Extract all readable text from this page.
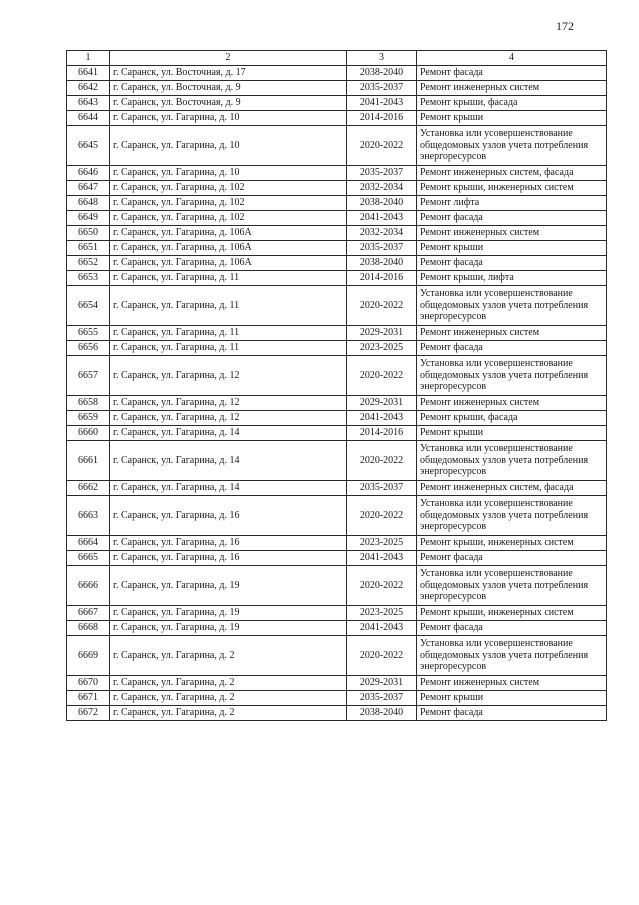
172
1	2	3	4
6641	г. Саранск, ул. Восточная, д. 17	2038-2040	Ремонт фасада
6642	г. Саранск, ул. Восточная, д. 9	2035-2037	Ремонт инженерных систем
6643	г. Саранск, ул. Восточная, д. 9	2041-2043	Ремонт крыши, фасада
6644	г. Саранск, ул. Гагарина, д. 10	2014-2016	Ремонт крыши
6645	г. Саранск, ул. Гагарина, д. 10	2020-2022	Установка или усовершенствование общедомовых узлов учета потребления энергоресурсов
6646	г. Саранск, ул. Гагарина, д. 10	2035-2037	Ремонт инженерных систем, фасада
6647	г. Саранск, ул. Гагарина, д. 102	2032-2034	Ремонт крыши, инженерных систем
6648	г. Саранск, ул. Гагарина, д. 102	2038-2040	Ремонт лифта
6649	г. Саранск, ул. Гагарина, д. 102	2041-2043	Ремонт фасада
6650	г. Саранск, ул. Гагарина, д. 106А	2032-2034	Ремонт инженерных систем
6651	г. Саранск, ул. Гагарина, д. 106А	2035-2037	Ремонт крыши
6652	г. Саранск, ул. Гагарина, д. 106А	2038-2040	Ремонт фасада
6653	г. Саранск, ул. Гагарина, д. 11	2014-2016	Ремонт крыши, лифта
6654	г. Саранск, ул. Гагарина, д. 11	2020-2022	Установка или усовершенствование общедомовых узлов учета потребления энергоресурсов
6655	г. Саранск, ул. Гагарина, д. 11	2029-2031	Ремонт инженерных систем
6656	г. Саранск, ул. Гагарина, д. 11	2023-2025	Ремонт фасада
6657	г. Саранск, ул. Гагарина, д. 12	2020-2022	Установка или усовершенствование общедомовых узлов учета потребления энергоресурсов
6658	г. Саранск, ул. Гагарина, д. 12	2029-2031	Ремонт инженерных систем
6659	г. Саранск, ул. Гагарина, д. 12	2041-2043	Ремонт крыши, фасада
6660	г. Саранск, ул. Гагарина, д. 14	2014-2016	Ремонт крыши
6661	г. Саранск, ул. Гагарина, д. 14	2020-2022	Установка или усовершенствование общедомовых узлов учета потребления энергоресурсов
6662	г. Саранск, ул. Гагарина, д. 14	2035-2037	Ремонт инженерных систем, фасада
6663	г. Саранск, ул. Гагарина, д. 16	2020-2022	Установка или усовершенствование общедомовых узлов учета потребления энергоресурсов
6664	г. Саранск, ул. Гагарина, д. 16	2023-2025	Ремонт крыши, инженерных систем
6665	г. Саранск, ул. Гагарина, д. 16	2041-2043	Ремонт фасада
6666	г. Саранск, ул. Гагарина, д. 19	2020-2022	Установка или усовершенствование общедомовых узлов учета потребления энергоресурсов
6667	г. Саранск, ул. Гагарина, д. 19	2023-2025	Ремонт крыши, инженерных систем
6668	г. Саранск, ул. Гагарина, д. 19	2041-2043	Ремонт фасада
6669	г. Саранск, ул. Гагарина, д. 2	2020-2022	Установка или усовершенствование общедомовых узлов учета потребления энергоресурсов
6670	г. Саранск, ул. Гагарина, д. 2	2029-2031	Ремонт инженерных систем
6671	г. Саранск, ул. Гагарина, д. 2	2035-2037	Ремонт крыши
6672	г. Саранск, ул. Гагарина, д. 2	2038-2040	Ремонт фасада
